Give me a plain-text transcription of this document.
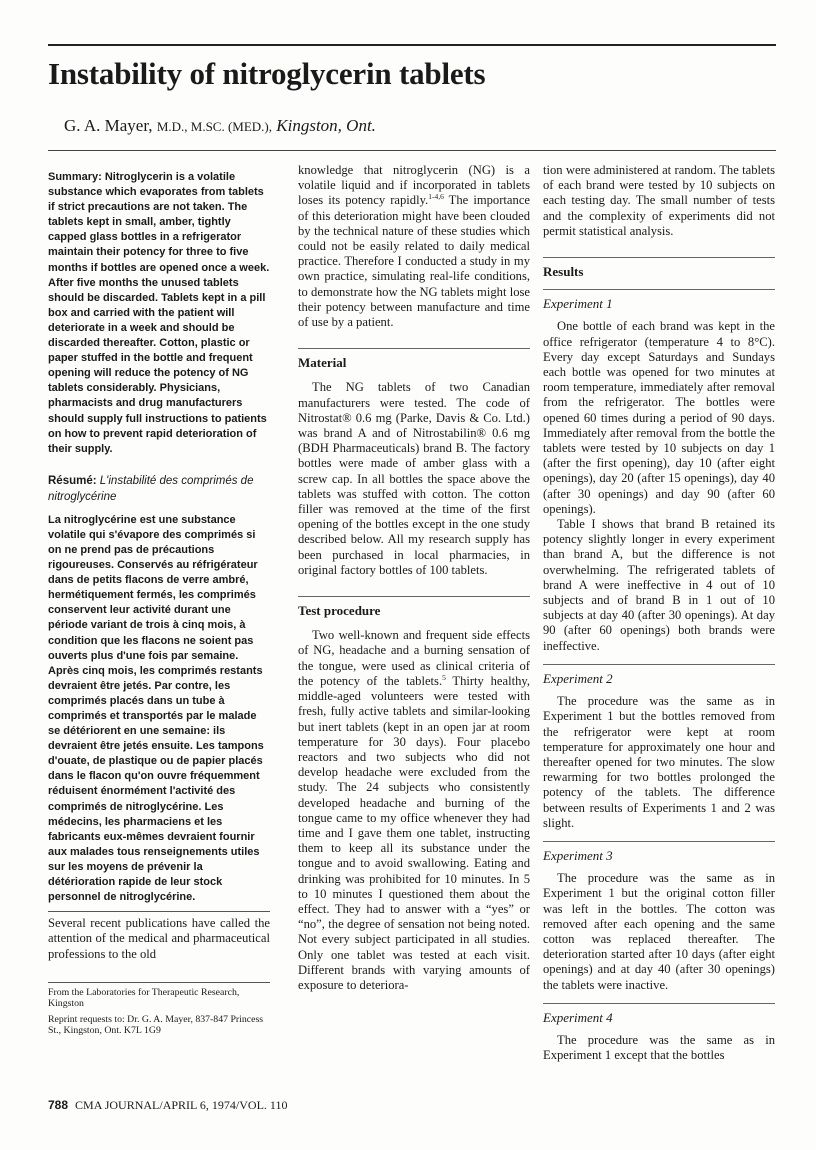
Instability of nitroglycerin tablets
G. A. Mayer, M.D., M.SC. (MED.), Kingston, Ont.

Summary: Nitroglycerin is a volatile substance which evaporates from tablets if strict precautions are not taken. The tablets kept in small, amber, tightly capped glass bottles in a refrigerator maintain their potency for three to five months if bottles are opened once a week. After five months the unused tablets should be discarded. Tablets kept in a pill box and carried with the patient will deteriorate in a week and should be discarded thereafter. Cotton, plastic or paper stuffed in the bottle and frequent opening will reduce the potency of NG tablets considerably. Physicians, pharmacists and drug manufacturers should supply full instructions to patients on how to prevent rapid deterioration of their supply.

Résumé: L'instabilité des comprimés de nitroglycérine

La nitroglycérine est une substance volatile qui s'évapore des comprimés si on ne prend pas de précautions rigoureuses. Conservés au réfrigérateur dans de petits flacons de verre ambré, hermétiquement fermés, les comprimés conservent leur activité durant une période variant de trois à cinq mois, à condition que les flacons ne soient pas ouverts plus d'une fois par semaine. Après cinq mois, les comprimés restants devraient être jetés. Par contre, les comprimés placés dans un tube à comprimés et transportés par le malade se détériorent en une semaine: ils devraient être jetés ensuite. Les tampons d'ouate, de plastique ou de papier placés dans le flacon qu'on ouvre fréquemment réduisent énormément l'activité des comprimés de nitroglycérine. Les médecins, les pharmaciens et les fabricants eux-mêmes devraient fournir aux malades tous renseignements utiles sur les moyens de prévenir la détérioration rapide de leur stock personnel de nitroglycérine.

Several recent publications have called the attention of the medical and pharmaceutical professions to the old

From the Laboratories for Therapeutic Research, Kingston

Reprint requests to: Dr. G. A. Mayer, 837-847 Princess St., Kingston, Ont. K7L 1G9

knowledge that nitroglycerin (NG) is a volatile liquid and if incorporated in tablets loses its potency rapidly.$^{1-4,6}$ The importance of this deterioration might have been clouded by the technical nature of these studies which could not be easily related to daily medical practice. Therefore I conducted a study in my own practice, simulating real-life conditions, to demonstrate how the NG tablets might lose their potency between manufacture and time of use by a patient.

Material

The NG tablets of two Canadian manufacturers were tested. The code of Nitrostat® 0.6 mg (Parke, Davis & Co. Ltd.) was brand A and of Nitrostabilin® 0.6 mg (BDH Pharmaceuticals) brand B. The factory bottles were made of amber glass with a screw cap. In all bottles the space above the tablets was stuffed with cotton. The cotton filler was removed at the time of the first opening of the bottles except in the one study described below. All my research supply has been purchased in local pharmacies, in original factory bottles of 100 tablets.

Test procedure

Two well-known and frequent side effects of NG, headache and a burning sensation of the tongue, were used as clinical criteria of the potency of the tablets.$^5$ Thirty healthy, middle-aged volunteers were tested with fresh, fully active tablets and similar-looking but inert tablets (kept in an open jar at room temperature for 30 days). Four placebo reactors and two subjects who did not develop headache were excluded from the study. The 24 subjects who consistently developed headache and burning of the tongue came to my office whenever they had time and I gave them one tablet, instructing them to keep all its substance under the tongue and to avoid swallowing. Eating and drinking was prohibited for 10 minutes. In 5 to 10 minutes I questioned them about the effect. They had to answer with a “yes” or “no”, the degree of sensation not being noted. Not every subject participated in all studies. Only one tablet was tested at each visit. Different brands with varying amounts of exposure to deteriora-

tion were administered at random. The tablets of each brand were tested by 10 subjects on each testing day. The small number of tests and the complexity of experiments did not permit statistical analysis.

Results
Experiment 1

One bottle of each brand was kept in the office refrigerator (temperature 4 to 8°C). Every day except Saturdays and Sundays each bottle was opened for two minutes at room temperature, immediately after removal from the refrigerator. The bottles were opened 60 times during a period of 90 days. Immediately after removal from the bottle the tablets were tested by 10 subjects on day 1 (after the first opening), day 10 (after eight openings), day 20 (after 15 openings), day 40 (after 30 openings) and day 90 (after 60 openings).

Table I shows that brand B retained its potency slightly longer in every experiment than brand A, but the difference is not overwhelming. The refrigerated tablets of brand A were ineffective in 4 out of 10 subjects and of brand B in 1 out of 10 subjects at day 40 (after 30 openings). At day 90 (after 60 openings) both brands were ineffective.

Experiment 2

The procedure was the same as in Experiment 1 but the bottles removed from the refrigerator were kept at room temperature for approximately one hour and thereafter opened for two minutes. The slow rewarming for two bottles prolonged the potency of the tablets. The difference between results of Experiments 1 and 2 was slight.

Experiment 3

The procedure was the same as in Experiment 1 but the original cotton filler was left in the bottles. The cotton was removed after each opening and the same cotton was replaced thereafter. The deterioration started after 10 days (after eight openings) and at day 40 (after 30 openings) the tablets were inactive.

Experiment 4

The procedure was the same as in Experiment 1 except that the bottles

788 CMA JOURNAL/APRIL 6, 1974/VOL. 110
